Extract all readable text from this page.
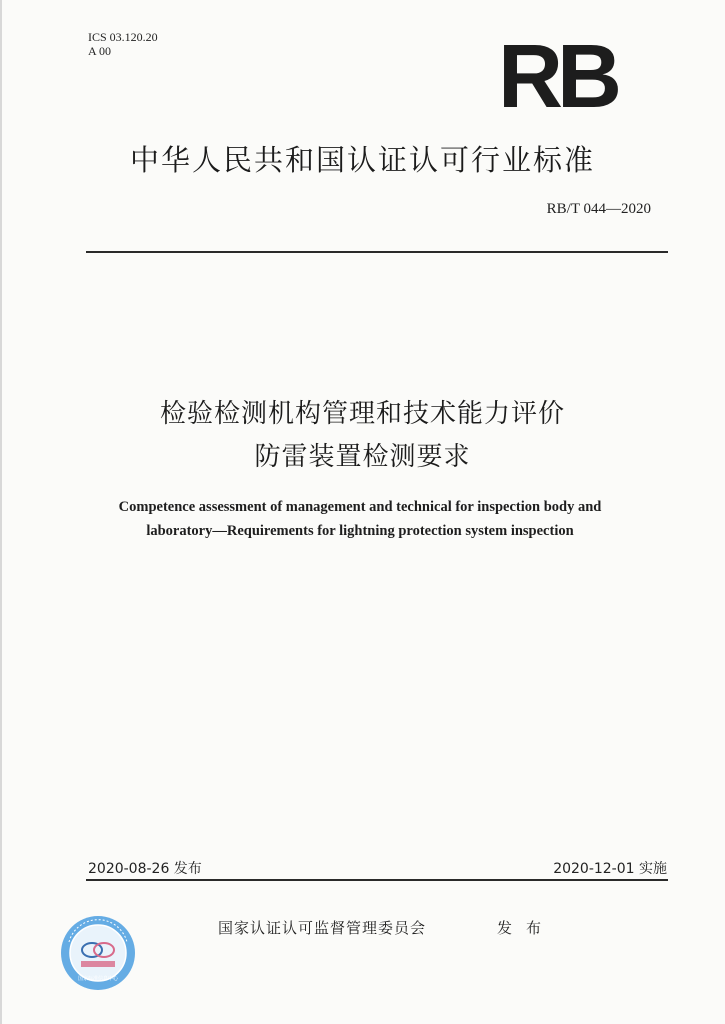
ICS 03.120.20
A 00	RB
中华人民共和国认证认可行业标准
RB/T 044—2020
检验检测机构管理和技术能力评价
防雷装置检测要求
Competence assessment of management and technical for inspection body and
laboratory—Requirements for lightning protection system inspection
2020-08-26 发布	2020-12-01 实施
国家标准信息中心
国家认证认可监督管理委员会	发 布
